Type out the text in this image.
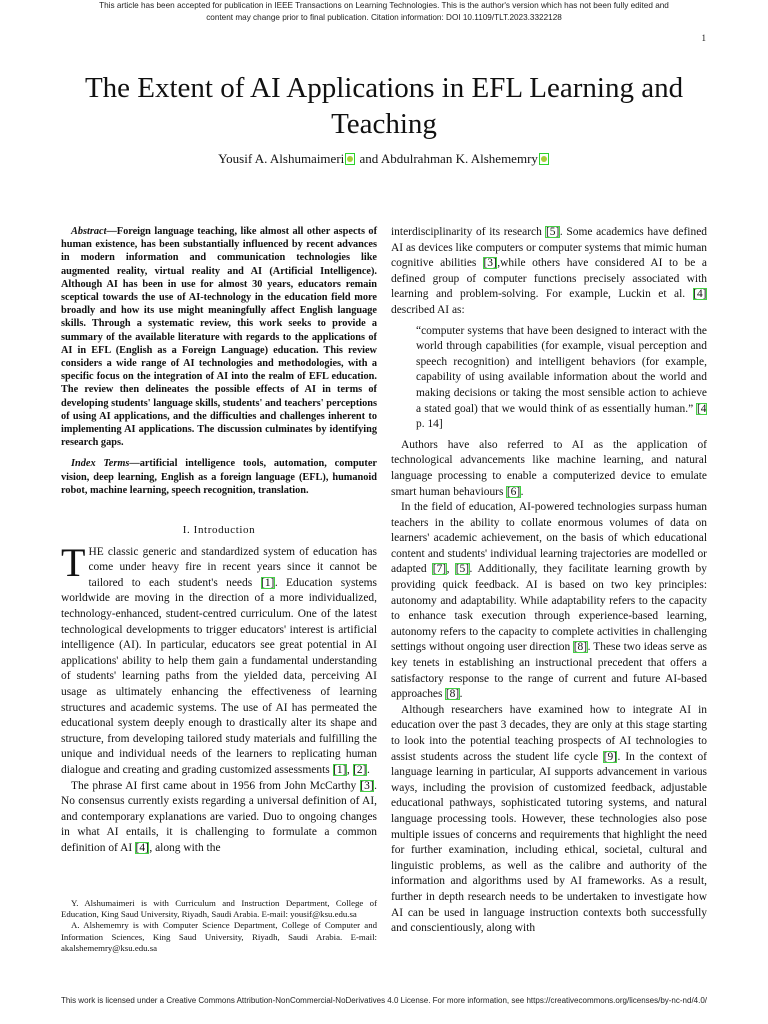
This article has been accepted for publication in IEEE Transactions on Learning Technologies. This is the author's version which has not been fully edited and
content may change prior to final publication. Citation information: DOI 10.1109/TLT.2023.3322128
1
The Extent of AI Applications in EFL Learning and Teaching
Yousif A. Alshumaimeri and Abdulrahman K. Alshememry

Abstract—Foreign language teaching, like almost all other aspects of human existence, has been substantially influenced by recent advances in modern information and communication technologies like augmented reality, virtual reality and AI (Artificial Intelligence). Although AI has been in use for almost 30 years, educators remain sceptical towards the use of AI-technology in the education field more broadly and how its use might meaningfully affect English language skills. Through a systematic review, this work seeks to provide a summary of the available literature with regards to the applications of AI in EFL (English as a Foreign Language) education. This review considers a wide range of AI technologies and methodologies, with a specific focus on the integration of AI into the realm of EFL education. The review then delineates the possible effects of AI in terms of developing students' language skills, students' and teachers' perceptions of using AI applications, and the difficulties and challenges inherent to implementing AI applications. The discussion culminates by identifying research gaps.

Index Terms—artificial intelligence tools, automation, computer vision, deep learning, English as a foreign language (EFL), humanoid robot, machine learning, speech recognition, translation.

I. Introduction

THE classic generic and standardized system of education has come under heavy fire in recent years since it cannot be tailored to each student's needs [1]. Education systems worldwide are moving in the direction of a more individualized, technology-enhanced, student-centred curriculum. One of the latest technological developments to trigger educators' interest is artificial intelligence (AI). In particular, educators see great potential in AI applications' ability to help them gain a fundamental understanding of students' learning paths from the yielded data, perceiving AI usage as ultimately enhancing the effectiveness of learning structures and academic systems. The use of AI has permeated the educational system deeply enough to drastically alter its shape and structure, from developing tailored study materials and fulfilling the unique and individual needs of the learners to replicating human dialogue and creating and grading customized assessments [1], [2].

The phrase AI first came about in 1956 from John McCarthy [3]. No consensus currently exists regarding a universal definition of AI, and contemporary explanations are varied. Duo to ongoing changes in what AI entails, it is challenging to formulate a common definition of AI [4], along with the

Y. Alshumaimeri is with Curriculum and Instruction Department, College of Education, King Saud University, Riyadh, Saudi Arabia. E-mail: yousif@ksu.edu.sa

A. Alshememry is with Computer Science Department, College of Computer and Information Sciences, King Saud University, Riyadh, Saudi Arabia. E-mail: akalshememry@ksu.edu.sa

interdisciplinarity of its research [5]. Some academics have defined AI as devices like computers or computer systems that mimic human cognitive abilities [3],while others have considered AI to be a defined group of computer functions precisely associated with learning and problem-solving. For example, Luckin et al. [4] described AI as:

“computer systems that have been designed to interact with the world through capabilities (for example, visual perception and speech recognition) and intelligent behaviors (for example, capability of using available information about the world and making decisions or taking the most sensible action to achieve a stated goal) that we would think of as essentially human.” [4 p. 14]

Authors have also referred to AI as the application of technological advancements like machine learning, and natural language processing to enable a computerized device to emulate smart human behaviours [6].

In the field of education, AI-powered technologies surpass human teachers in the ability to collate enormous volumes of data on learners' academic achievement, on the basis of which educational content and students' individual learning trajectories are modelled or adapted [7], [5]. Additionally, they facilitate learning growth by providing quick feedback. AI is based on two key principles: autonomy and adaptability. While adaptability refers to the capacity to enhance task execution through experience-based learning, autonomy refers to the capacity to complete activities in challenging settings without ongoing user direction [8]. These two ideas serve as key tenets in establishing an instructional precedent that offers a satisfactory response to the range of current and future AI-based approaches [8].

Although researchers have examined how to integrate AI in education over the past 3 decades, they are only at this stage starting to look into the potential teaching prospects of AI technologies to assist students across the student life cycle [9]. In the context of language learning in particular, AI supports advancement in various ways, including the provision of customized feedback, adjustable educational pathways, sophisticated tutoring systems, and natural language processing tools. However, these technologies also pose multiple issues of concerns and requirements that highlight the need for further examination, including ethical, societal, cultural and linguistic problems, as well as the calibre and authority of the information and algorithms used by AI frameworks. As a result, further in depth research needs to be undertaken to investigate how AI can be used in language instruction contexts both successfully and conscientiously, along with

This work is licensed under a Creative Commons Attribution-NonCommercial-NoDerivatives 4.0 License. For more information, see https://creativecommons.org/licenses/by-nc-nd/4.0/
